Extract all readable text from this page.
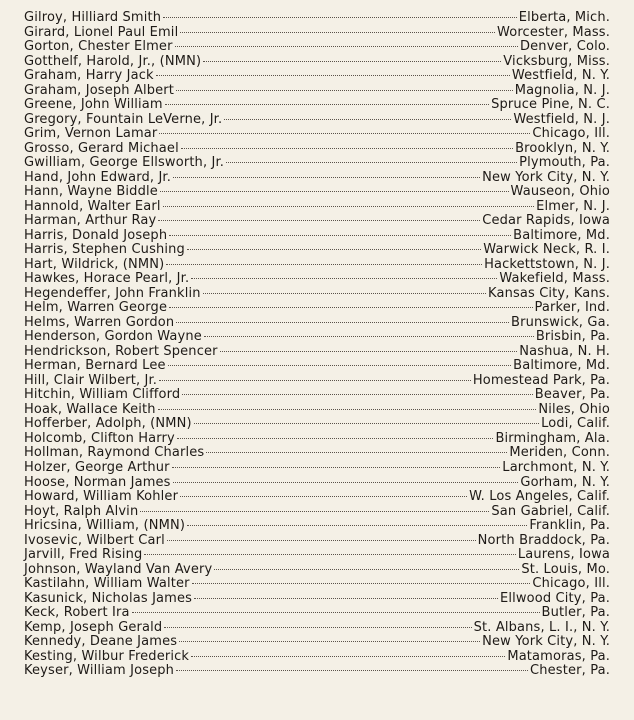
Gilroy, Hilliard Smith	Elberta, Mich.
Girard, Lionel Paul Emil	Worcester, Mass.
Gorton, Chester Elmer	Denver, Colo.
Gotthelf, Harold, Jr., (NMN)	Vicksburg, Miss.
Graham, Harry Jack	Westfield, N. Y.
Graham, Joseph Albert	Magnolia, N. J.
Greene, John William	Spruce Pine, N. C.
Gregory, Fountain LeVerne, Jr.	Westfield, N. J.
Grim, Vernon Lamar	Chicago, Ill.
Grosso, Gerard Michael	Brooklyn, N. Y.
Gwilliam, George Ellsworth, Jr.	Plymouth, Pa.
Hand, John Edward, Jr.	New York City, N. Y.
Hann, Wayne Biddle	Wauseon, Ohio
Hannold, Walter Earl	Elmer, N. J.
Harman, Arthur Ray	Cedar Rapids, Iowa
Harris, Donald Joseph	Baltimore, Md.
Harris, Stephen Cushing	Warwick Neck, R. I.
Hart, Wildrick, (NMN)	Hackettstown, N. J.
Hawkes, Horace Pearl, Jr.	Wakefield, Mass.
Hegendeffer, John Franklin	Kansas City, Kans.
Helm, Warren George	Parker, Ind.
Helms, Warren Gordon	Brunswick, Ga.
Henderson, Gordon Wayne	Brisbin, Pa.
Hendrickson, Robert Spencer	Nashua, N. H.
Herman, Bernard Lee	Baltimore, Md.
Hill, Clair Wilbert, Jr.	Homestead Park, Pa.
Hitchin, William Clifford	Beaver, Pa.
Hoak, Wallace Keith	Niles, Ohio
Hofferber, Adolph, (NMN)	Lodi, Calif.
Holcomb, Clifton Harry	Birmingham, Ala.
Hollman, Raymond Charles	Meriden, Conn.
Holzer, George Arthur	Larchmont, N. Y.
Hoose, Norman James	Gorham, N. Y.
Howard, William Kohler	W. Los Angeles, Calif.
Hoyt, Ralph Alvin	San Gabriel, Calif.
Hricsina, William, (NMN)	Franklin, Pa.
Ivosevic, Wilbert Carl	North Braddock, Pa.
Jarvill, Fred Rising	Laurens, Iowa
Johnson, Wayland Van Avery	St. Louis, Mo.
Kastilahn, William Walter	Chicago, Ill.
Kasunick, Nicholas James	Ellwood City, Pa.
Keck, Robert Ira	Butler, Pa.
Kemp, Joseph Gerald	St. Albans, L. I., N. Y.
Kennedy, Deane James	New York City, N. Y.
Kesting, Wilbur Frederick	Matamoras, Pa.
Keyser, William Joseph	Chester, Pa.
